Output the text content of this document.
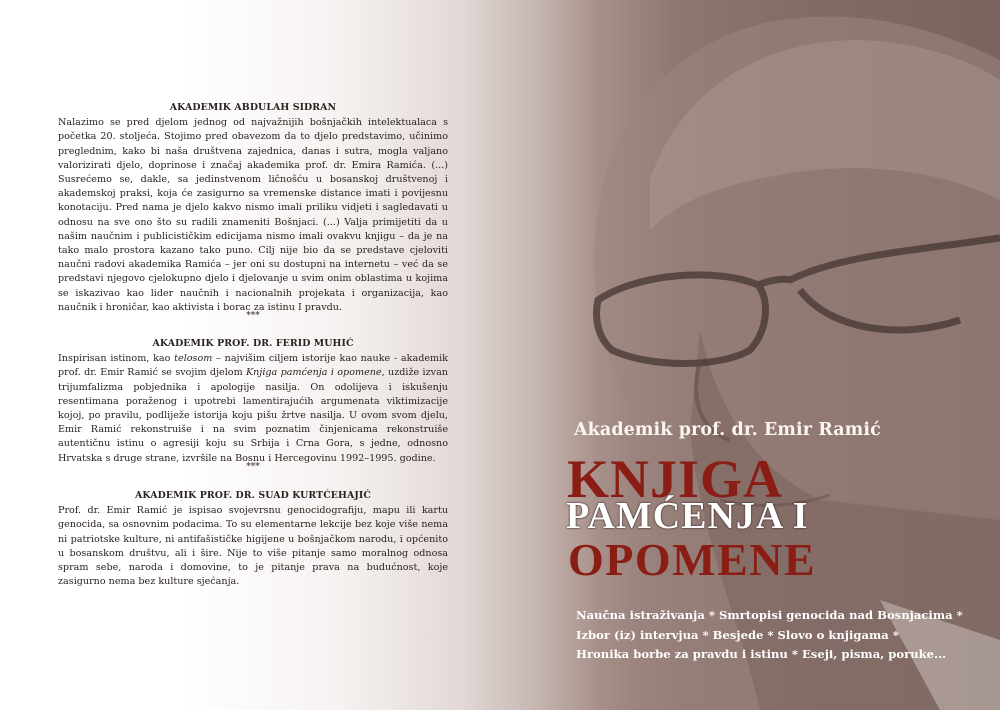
AKADEMIK ABDULAH SIDRAN

Nalazimo se pred djelom jednog od najvažnijih bošnjačkih intelektualaca s početka 20. stoljeća. Stojimo pred obavezom da to djelo predstavimo, učinimo preglednim, kako bi naša društvena zajednica, danas i sutra, mogla valjano valorizirati djelo, doprinose i značaj akademika prof. dr. Emira Ramića. (...) Susrećemo se, dakle, sa jedinstvenom ličnošću u bosanskoj društvenoj i akademskoj praksi, koja će zasigurno sa vremenske distance imati i povijesnu konotaciju. Pred nama je djelo kakvo nismo imali priliku vidjeti i sagledavati u odnosu na sve ono što su radili znameniti Bošnjaci. (...) Valja primijetiti da u našim naučnim i publicističkim edicijama nismo imali ovakvu knjigu – da je na tako malo prostora kazano tako puno. Cilj nije bio da se predstave cjeloviti naučni radovi akademika Ramića – jer oni su dostupni na internetu – već da se predstavi njegovo cjelokupno djelo i djelovanje u svim onim oblastima u kojima se iskazivao kao lider naučnih i nacionalnih projekata i organizacija, kao naučnik i hroničar, kao aktivista i borac za istinu I pravdu.

***
AKADEMIK PROF. DR. FERID MUHIĆ

Inspirisan istinom, kao telosom – najvišim ciljem istorije kao nauke - akademik prof. dr. Emir Ramić se svojim djelom Knjiga pamćenja i opomene, uzdiže izvan trijumfalizma pobjednika i apologije nasilja. On odolijeva i iskušenju resentimana poraženog i upotrebi lamentirajućih argumenata viktimizacije kojoj, po pravilu, podliježe istorija koju pišu žrtve nasilja. U ovom svom djelu, Emir Ramić rekonstruiše i na svim poznatim činjenicama rekonstruiše autentičnu istinu o agresiji koju su Srbija i Crna Gora, s jedne, odnosno Hrvatska s druge strane, izvršile na Bosnu i Hercegovinu 1992–1995. godine.

***
AKADEMIK PROF. DR. SUAD KURTĆEHAJIĆ

Prof. dr. Emir Ramić je ispisao svojevrsnu genocidografiju, mapu ili kartu genocida, sa osnovnim podacima. To su elementarne lekcije bez koje više nema ni patriotske kulture, ni antifašističke higijene u bošnjačkom narodu, i općenito u bosanskom društvu, ali i šire. Nije to više pitanje samo moralnog odnosa spram sebe, naroda i domovine, to je pitanje prava na budućnost, koje zasigurno nema bez kulture sjećanja.

Akademik prof. dr. Emir Ramić
KNJIGA
PAMĆENJA I
OPOMENE
Naučna istraživanja * Smrtopisi genocida nad Bosnjacima *
Izbor (iz) intervjua * Besjede * Slovo o knjigama *
Hronika borbe za pravdu i istinu * Esejі, pisma, poruke...
